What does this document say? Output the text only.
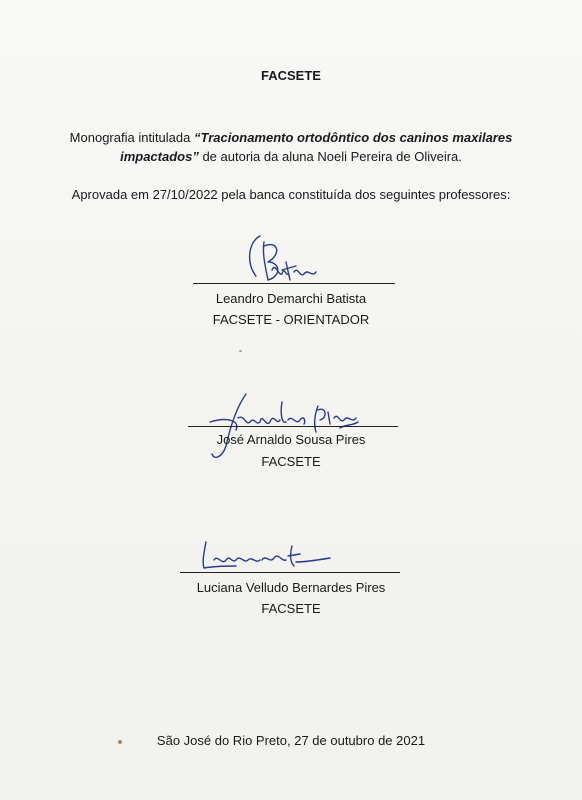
FACSETE
Monografia intitulada “Tracionamento ortodôntico dos caninos maxilares
impactados” de autoria da aluna Noeli Pereira de Oliveira.
Aprovada em 27/10/2022 pela banca constituída dos seguintes professores:
Leandro Demarchi Batista
FACSETE - ORIENTADOR
José Arnaldo Sousa Pires
FACSETE
Luciana Velludo Bernardes Pires
FACSETE
São José do Rio Preto, 27 de outubro de 2021
